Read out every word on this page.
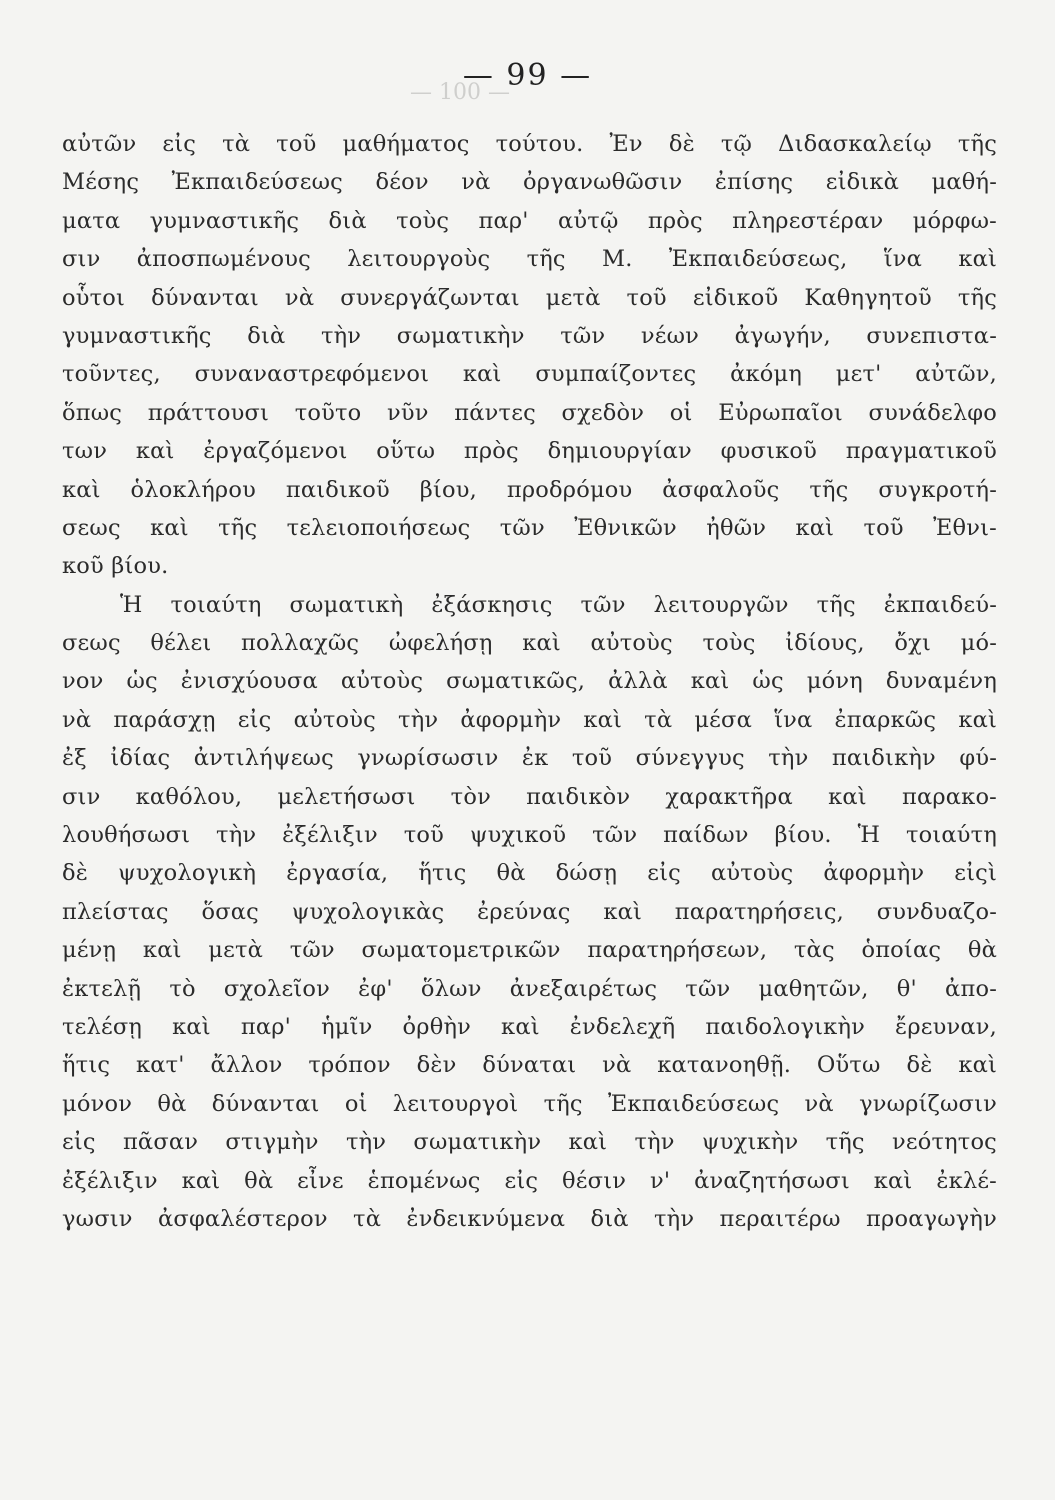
— 100 —
— 99 —
αὐτῶν εἰς τὰ τοῦ μαθήματος τούτου. Ἐν δὲ τῷ Διδασκαλείῳ τῆς
Μέσης Ἐκπαιδεύσεως δέον νὰ ὀργανωθῶσιν ἐπίσης εἰδικὰ μαθή-
ματα γυμναστικῆς διὰ τοὺς παρ' αὐτῷ πρὸς πληρεστέραν μόρφω-
σιν ἀποσπωμένους λειτουργοὺς τῆς Μ. Ἐκπαιδεύσεως, ἵνα καὶ
οὗτοι δύνανται νὰ συνεργάζωνται μετὰ τοῦ εἰδικοῦ Καθηγητοῦ τῆς
γυμναστικῆς διὰ τὴν σωματικὴν τῶν νέων ἀγωγήν, συνεπιστα-
τοῦντες, συναναστρεφόμενοι καὶ συμπαίζοντες ἀκόμη μετ' αὐτῶν,
ὅπως πράττουσι τοῦτο νῦν πάντες σχεδὸν οἱ Εὐρωπαῖοι συνάδελφο
των καὶ ἐργαζόμενοι οὕτω πρὸς δημιουργίαν φυσικοῦ πραγματικοῦ
καὶ ὁλοκλήρου παιδικοῦ βίου, προδρόμου ἀσφαλοῦς τῆς συγκροτή-
σεως καὶ τῆς τελειοποιήσεως τῶν Ἐθνικῶν ἠθῶν καὶ τοῦ Ἐθνι-
κοῦ βίου.
Ἡ τοιαύτη σωματικὴ ἐξάσκησις τῶν λειτουργῶν τῆς ἐκπαιδεύ-
σεως θέλει πολλαχῶς ὠφελήσῃ καὶ αὐτοὺς τοὺς ἰδίους, ὄχι μό-
νον ὡς ἐνισχύουσα αὐτοὺς σωματικῶς, ἀλλὰ καὶ ὡς μόνη δυναμένη
νὰ παράσχῃ εἰς αὐτοὺς τὴν ἀφορμὴν καὶ τὰ μέσα ἵνα ἐπαρκῶς καὶ
ἐξ ἰδίας ἀντιλήψεως γνωρίσωσιν ἐκ τοῦ σύνεγγυς τὴν παιδικὴν φύ-
σιν καθόλου, μελετήσωσι τὸν παιδικὸν χαρακτῆρα καὶ παρακο-
λουθήσωσι τὴν ἐξέλιξιν τοῦ ψυχικοῦ τῶν παίδων βίου. Ἡ τοιαύτη
δὲ ψυχολογικὴ ἐργασία, ἥτις θὰ δώσῃ εἰς αὐτοὺς ἀφορμὴν εἰςὶ
πλείστας ὅσας ψυχολογικὰς ἐρεύνας καὶ παρατηρήσεις, συνδυαζο-
μένῃ καὶ μετὰ τῶν σωματομετρικῶν παρατηρήσεων, τὰς ὁποίας θὰ
ἐκτελῇ τὸ σχολεῖον ἐφ' ὅλων ἀνεξαιρέτως τῶν μαθητῶν, θ' ἀπο-
τελέσῃ καὶ παρ' ἡμῖν ὀρθὴν καὶ ἐνδελεχῆ παιδολογικὴν ἔρευναν,
ἥτις κατ' ἄλλον τρόπον δὲν δύναται νὰ κατανοηθῇ. Οὕτω δὲ καὶ
μόνον θὰ δύνανται οἱ λειτουργοὶ τῆς Ἐκπαιδεύσεως νὰ γνωρίζωσιν
εἰς πᾶσαν στιγμὴν τὴν σωματικὴν καὶ τὴν ψυχικὴν τῆς νεότητος
ἐξέλιξιν καὶ θὰ εἶνε ἑπομένως εἰς θέσιν ν' ἀναζητήσωσι καὶ ἐκλέ-
γωσιν ἀσφαλέστερον τὰ ἐνδεικνύμενα διὰ τὴν περαιτέρω προαγωγὴν
